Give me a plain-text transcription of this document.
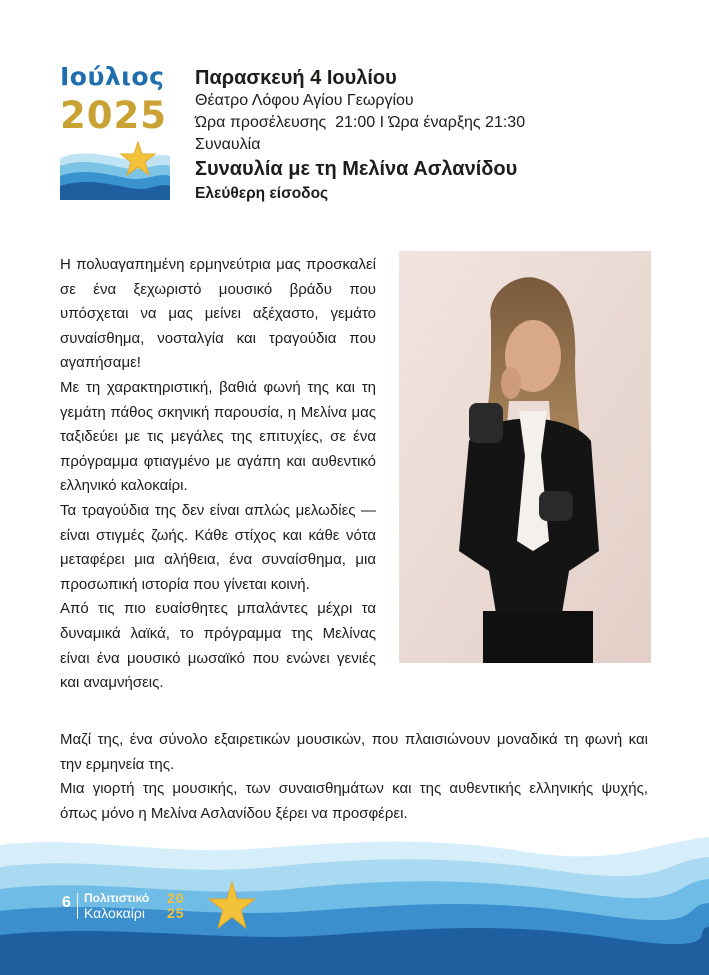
Ιούλιος
2025
Παρασκευή 4 Ιουλίου
Θέατρο Λόφου Αγίου Γεωργίου
Ώρα προσέλευσης  21:00 Ι Ώρα έναρξης 21:30
Συναυλία
Συναυλία με τη Μελίνα Ασλανίδου
Ελεύθερη είσοδος

Η πολυαγαπημένη ερμηνεύτρια μας προσκαλεί σε ένα ξεχωριστό μουσικό βράδυ που υπόσχεται να μας μείνει αξέχαστο, γεμάτο συναίσθημα, νοσταλγία και τραγούδια που αγαπήσαμε!

Με τη χαρακτηριστική, βαθιά φωνή της και τη γεμάτη πάθος σκηνική παρουσία, η Μελίνα μας ταξιδεύει με τις μεγάλες της επιτυχίες, σε ένα πρόγραμμα φτιαγμένο με αγάπη και αυθεντικό ελληνικό καλοκαίρι.

Τα τραγούδια της δεν είναι απλώς μελωδίες — είναι στιγμές ζωής. Κάθε στίχος και κάθε νότα μεταφέρει μια αλήθεια, ένα συναίσθημα, μια προσωπική ιστορία που γίνεται κοινή.

Από τις πιο ευαίσθητες μπαλάντες μέχρι τα δυναμικά λαϊκά, το πρόγραμμα της Μελίνας είναι ένα μουσικό μωσαϊκό που ενώνει γενιές και αναμνήσεις.

Μαζί της, ένα σύνολο εξαιρετικών μουσικών, που πλαισιώνουν μοναδικά τη φωνή και την ερμηνεία της.

Μια γιορτή της μουσικής, των συναισθημάτων και της αυθεντικής ελληνικής ψυχής, όπως μόνο η Μελίνα Ασλανίδου ξέρει να προσφέρει.

6 Πολιτιστικό
Καλοκαίρι
20
25
